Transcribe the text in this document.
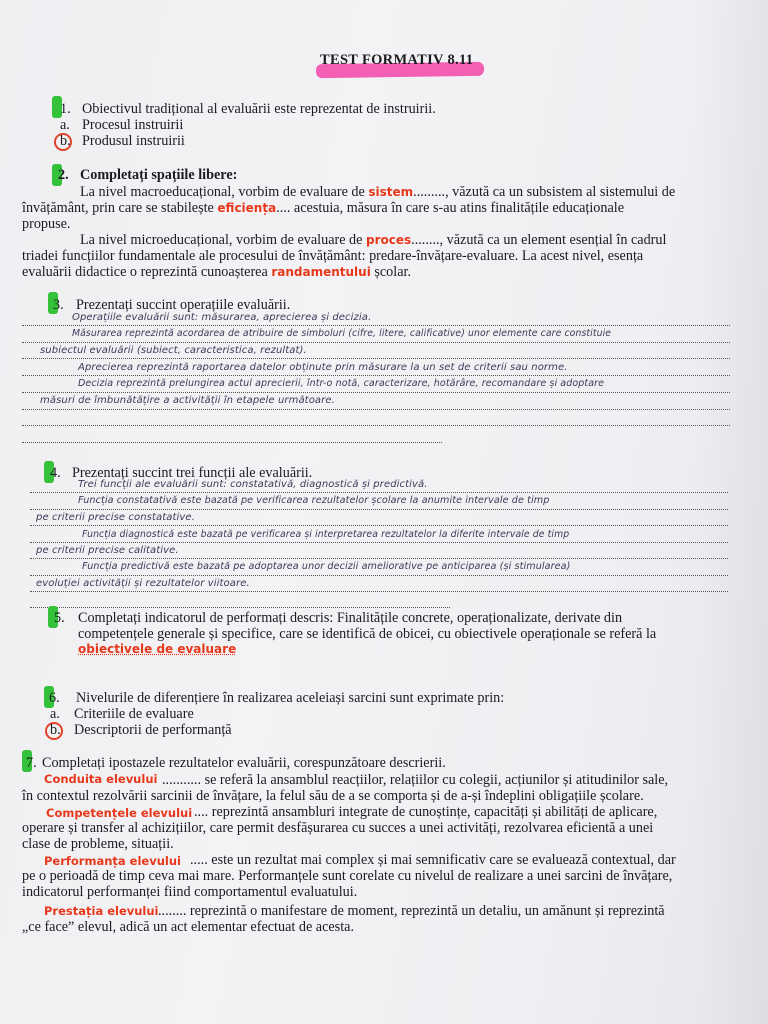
TEST FORMATIV 8.11
1. Obiectivul tradițional al evaluării este reprezentat de instruirii.
a. Procesul instruirii
b. Produsul instruirii
2. Completați spațiile libere:
La nivel macroeducațional, vorbim de evaluare de sistem........., văzută ca un subsistem al sistemului de
învățământ, prin care se stabilește eficiența.... acestuia, măsura în care s-au atins finalitățile educaționale
propuse.
La nivel microeducațional, vorbim de evaluare de proces........, văzută ca un element esențial în cadrul
triadei funcțiilor fundamentale ale procesului de învățământ: predare-învățare-evaluare. La acest nivel, esența
evaluării didactice o reprezintă cunoașterea randamentului școlar.
3. Prezentați succint operațiile evaluării.
Operațiile evaluării sunt: măsurarea, aprecierea și decizia.
Măsurarea reprezintă acordarea de atribuire de simboluri (cifre, litere, calificative) unor elemente care constituie
subiectul evaluării (subiect, caracteristica, rezultat).
Aprecierea reprezintă raportarea datelor obținute prin măsurare la un set de criterii sau norme.
Decizia reprezintă prelungirea actul aprecierii, într-o notă, caracterizare, hotărâre, recomandare și adoptare
măsuri de îmbunătățire a activității în etapele următoare.
4. Prezentați succint trei funcții ale evaluării.
Trei funcții ale evaluării sunt: constatativă, diagnostică și predictivă.
Funcția constatativă este bazată pe verificarea rezultatelor școlare la anumite intervale de timp
pe criterii precise constatative.
Funcția diagnostică este bazată pe verificarea și interpretarea rezultatelor la diferite intervale de timp
pe criterii precise calitative.
Funcția predictivă este bazată pe adoptarea unor decizii ameliorative pe anticiparea (și stimularea)
evoluției activității și rezultatelor viitoare.
5. Completați indicatorul de performați descris: Finalitățile concrete, operaționalizate, derivate din
competențele generale și specifice, care se identifică de obicei, cu obiectivele operaționale se referă la
obiectivele de evaluare
6. Nivelurile de diferențiere în realizarea aceleiași sarcini sunt exprimate prin:
a. Criteriile de evaluare
b. Descriptorii de performanță
7. Completați ipostazele rezultatelor evaluării, corespunzătoare descrierii.
Conduita elevului ........... se referă la ansamblul reacțiilor, relațiilor cu colegii, acțiunilor și atitudinilor sale,
în contextul rezolvării sarcinii de învățare, la felul său de a se comporta și de a-și îndeplini obligațiile școlare.
Competențele elevului .... reprezintă ansambluri integrate de cunoștințe, capacități și abilități de aplicare,
operare și transfer al achizițiilor, care permit desfășurarea cu succes a unei activități, rezolvarea eficientă a unei
clase de probleme, situații.
Performanța elevului ..... este un rezultat mai complex și mai semnificativ care se evaluează contextual, dar
pe o perioadă de timp ceva mai mare. Performanțele sunt corelate cu nivelul de realizare a unei sarcini de învățare,
indicatorul performanței fiind comportamentul evaluatului.
Prestația elevului ........ reprezintă o manifestare de moment, reprezintă un detaliu, un amănunt și reprezintă
„ce face” elevul, adică un act elementar efectuat de acesta.
